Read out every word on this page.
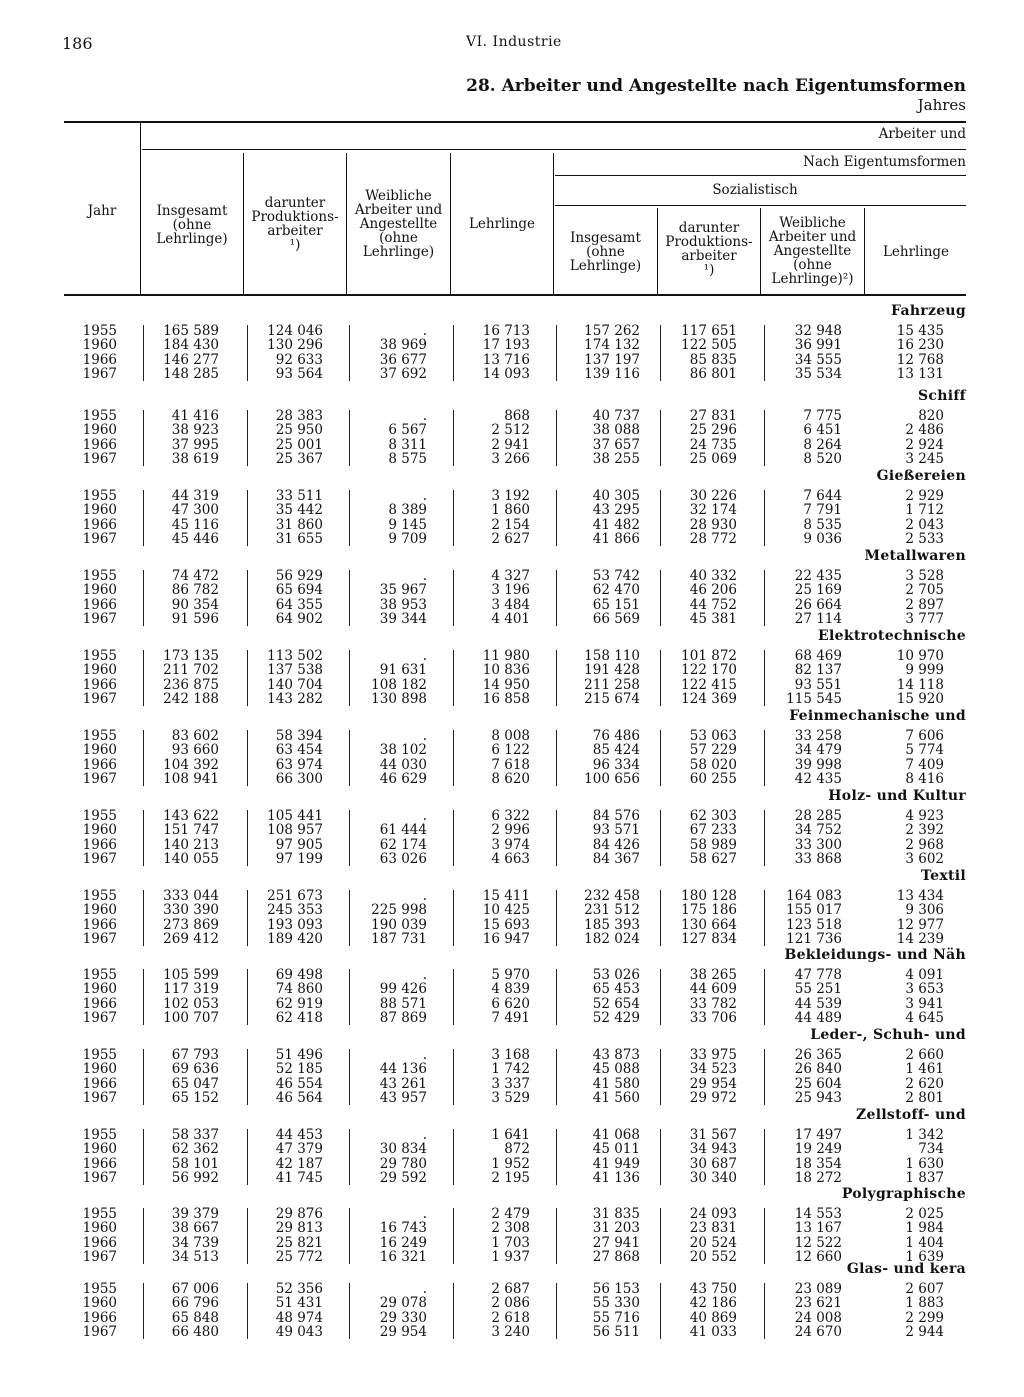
186	VI. Industrie
28. Arbeiter und Angestellte nach Eigentumsformen
Jahres
Jahr
Arbeiter und
Nach Eigentumsformen
Sozialistisch
Insgesamt
(ohne
Lehrlinge)
darunter
Produktions-
arbeiter
¹)
Weibliche
Arbeiter und
Angestellte
(ohne
Lehrlinge)
Lehrlinge
Insgesamt
(ohne
Lehrlinge)
darunter
Produktions-
arbeiter
¹)
Weibliche
Arbeiter und
Angestellte
(ohne
Lehrlinge)²)
Lehrlinge
Fahrzeug
1955	165 589	124 046	.	16 713	157 262	117 651	32 948	15 435
1960	184 430	130 296	38 969	17 193	174 132	122 505	36 991	16 230
1966	146 277	92 633	36 677	13 716	137 197	85 835	34 555	12 768
1967	148 285	93 564	37 692	14 093	139 116	86 801	35 534	13 131
Schiff
1955	41 416	28 383	.	868	40 737	27 831	7 775	820
1960	38 923	25 950	6 567	2 512	38 088	25 296	6 451	2 486
1966	37 995	25 001	8 311	2 941	37 657	24 735	8 264	2 924
1967	38 619	25 367	8 575	3 266	38 255	25 069	8 520	3 245
Gießereien
1955	44 319	33 511	.	3 192	40 305	30 226	7 644	2 929
1960	47 300	35 442	8 389	1 860	43 295	32 174	7 791	1 712
1966	45 116	31 860	9 145	2 154	41 482	28 930	8 535	2 043
1967	45 446	31 655	9 709	2 627	41 866	28 772	9 036	2 533
Metallwaren
1955	74 472	56 929	.	4 327	53 742	40 332	22 435	3 528
1960	86 782	65 694	35 967	3 196	62 470	46 206	25 169	2 705
1966	90 354	64 355	38 953	3 484	65 151	44 752	26 664	2 897
1967	91 596	64 902	39 344	4 401	66 569	45 381	27 114	3 777
Elektrotechnische
1955	173 135	113 502	.	11 980	158 110	101 872	68 469	10 970
1960	211 702	137 538	91 631	10 836	191 428	122 170	82 137	9 999
1966	236 875	140 704	108 182	14 950	211 258	122 415	93 551	14 118
1967	242 188	143 282	130 898	16 858	215 674	124 369	115 545	15 920
Feinmechanische und
1955	83 602	58 394	.	8 008	76 486	53 063	33 258	7 606
1960	93 660	63 454	38 102	6 122	85 424	57 229	34 479	5 774
1966	104 392	63 974	44 030	7 618	96 334	58 020	39 998	7 409
1967	108 941	66 300	46 629	8 620	100 656	60 255	42 435	8 416
Holz- und Kultur
1955	143 622	105 441	.	6 322	84 576	62 303	28 285	4 923
1960	151 747	108 957	61 444	2 996	93 571	67 233	34 752	2 392
1966	140 213	97 905	62 174	3 974	84 426	58 989	33 300	2 968
1967	140 055	97 199	63 026	4 663	84 367	58 627	33 868	3 602
Textil
1955	333 044	251 673	.	15 411	232 458	180 128	164 083	13 434
1960	330 390	245 353	225 998	10 425	231 512	175 186	155 017	9 306
1966	273 869	193 093	190 039	15 693	185 393	130 664	123 518	12 977
1967	269 412	189 420	187 731	16 947	182 024	127 834	121 736	14 239
Bekleidungs- und Näh
1955	105 599	69 498	.	5 970	53 026	38 265	47 778	4 091
1960	117 319	74 860	99 426	4 839	65 453	44 609	55 251	3 653
1966	102 053	62 919	88 571	6 620	52 654	33 782	44 539	3 941
1967	100 707	62 418	87 869	7 491	52 429	33 706	44 489	4 645
Leder-, Schuh- und
1955	67 793	51 496	.	3 168	43 873	33 975	26 365	2 660
1960	69 636	52 185	44 136	1 742	45 088	34 523	26 840	1 461
1966	65 047	46 554	43 261	3 337	41 580	29 954	25 604	2 620
1967	65 152	46 564	43 957	3 529	41 560	29 972	25 943	2 801
Zellstoff- und
1955	58 337	44 453	.	1 641	41 068	31 567	17 497	1 342
1960	62 362	47 379	30 834	872	45 011	34 943	19 249	734
1966	58 101	42 187	29 780	1 952	41 949	30 687	18 354	1 630
1967	56 992	41 745	29 592	2 195	41 136	30 340	18 272	1 837
Polygraphische
1955	39 379	29 876	.	2 479	31 835	24 093	14 553	2 025
1960	38 667	29 813	16 743	2 308	31 203	23 831	13 167	1 984
1966	34 739	25 821	16 249	1 703	27 941	20 524	12 522	1 404
1967	34 513	25 772	16 321	1 937	27 868	20 552	12 660	1 639
Glas- und kera
1955	67 006	52 356	.	2 687	56 153	43 750	23 089	2 607
1960	66 796	51 431	29 078	2 086	55 330	42 186	23 621	1 883
1966	65 848	48 974	29 330	2 618	55 716	40 869	24 008	2 299
1967	66 480	49 043	29 954	3 240	56 511	41 033	24 670	2 944
